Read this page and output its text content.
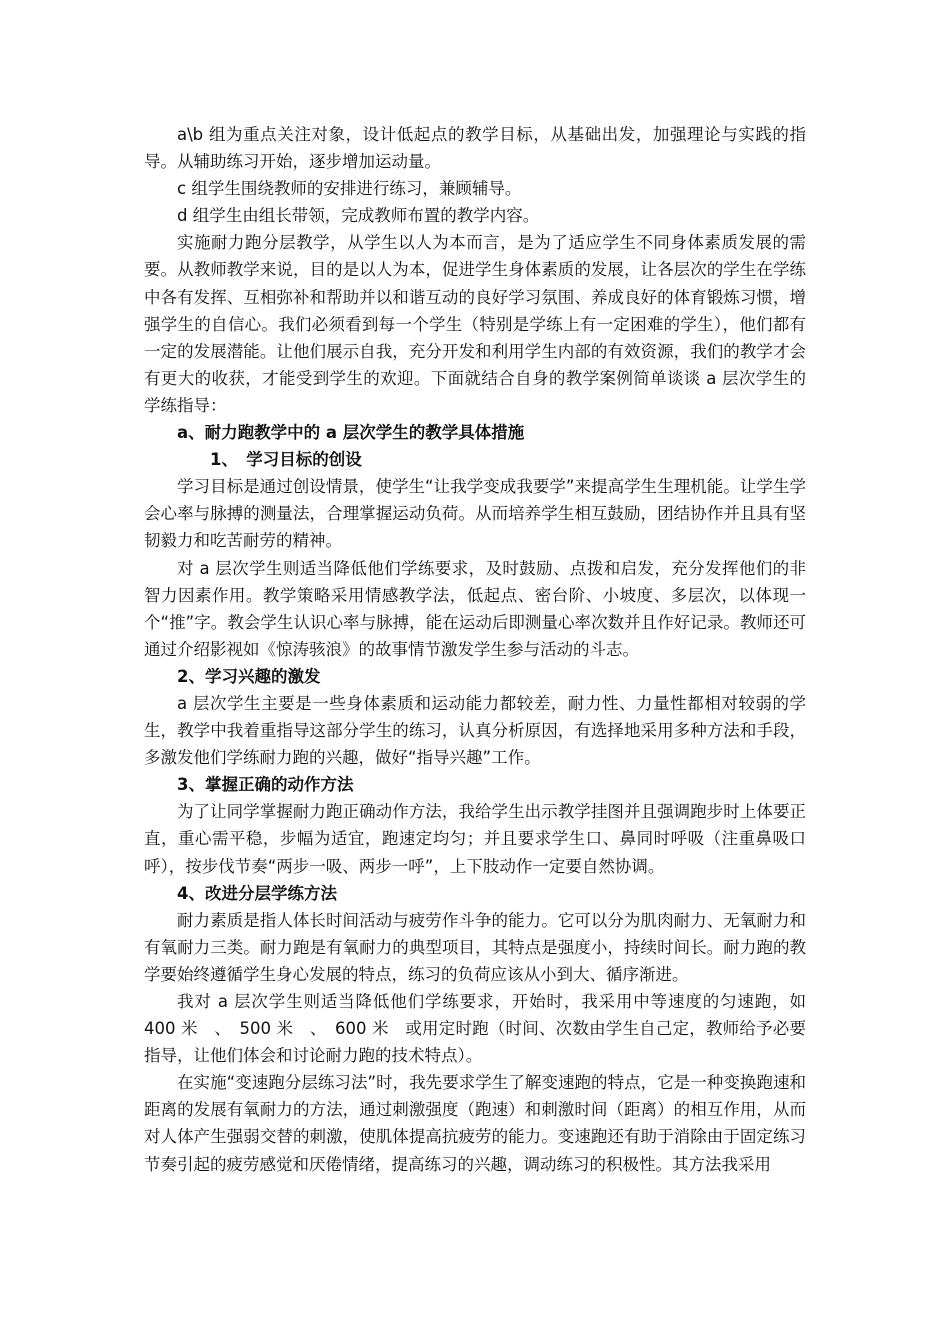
a\b 组为重点关注对象，设计低起点的教学目标，从基础出发，加强理论与实践的指导。从辅助练习开始，逐步增加运动量。

c 组学生围绕教师的安排进行练习，兼顾辅导。

d 组学生由组长带领，完成教师布置的教学内容。

实施耐力跑分层教学，从学生以人为本而言，是为了适应学生不同身体素质发展的需要。从教师教学来说，目的是以人为本，促进学生身体素质的发展，让各层次的学生在学练中各有发挥、互相弥补和帮助并以和谐互动的良好学习氛围、养成良好的体育锻炼习惯，增强学生的自信心。我们必须看到每一个学生（特别是学练上有一定困难的学生），他们都有一定的发展潜能。让他们展示自我，充分开发和利用学生内部的有效资源，我们的教学才会有更大的收获，才能受到学生的欢迎。下面就结合自身的教学案例简单谈谈 a 层次学生的学练指导：

a、耐力跑教学中的 a 层次学生的教学具体措施

1、　学习目标的创设

学习目标是通过创设情景，使学生“让我学变成我要学”来提高学生生理机能。让学生学会心率与脉搏的测量法，合理掌握运动负荷。从而培养学生相互鼓励，团结协作并且具有坚韧毅力和吃苦耐劳的精神。

对 a 层次学生则适当降低他们学练要求，及时鼓励、点拨和启发，充分发挥他们的非智力因素作用。教学策略采用情感教学法，低起点、密台阶、小坡度、多层次，以体现一个“推”字。教会学生认识心率与脉搏，能在运动后即测量心率次数并且作好记录。教师还可通过介绍影视如《惊涛骇浪》的故事情节激发学生参与活动的斗志。

2、学习兴趣的激发

a 层次学生主要是一些身体素质和运动能力都较差，耐力性、力量性都相对较弱的学生，教学中我着重指导这部分学生的练习，认真分析原因，有选择地采用多种方法和手段，多激发他们学练耐力跑的兴趣，做好“指导兴趣”工作。

3、掌握正确的动作方法

为了让同学掌握耐力跑正确动作方法，我给学生出示教学挂图并且强调跑步时上体要正直，重心需平稳，步幅为适宜，跑速定均匀；并且要求学生口、鼻同时呼吸（注重鼻吸口呼），按步伐节奏“两步一吸、两步一呼”，上下肢动作一定要自然协调。

4、改进分层学练方法

耐力素质是指人体长时间活动与疲劳作斗争的能力。它可以分为肌肉耐力、无氧耐力和有氧耐力三类。耐力跑是有氧耐力的典型项目，其特点是强度小，持续时间长。耐力跑的教学要始终遵循学生身心发展的特点，练习的负荷应该从小到大、循序渐进。

我对 a 层次学生则适当降低他们学练要求，开始时，我采用中等速度的匀速跑，如　400 米　、　500 米　、　600 米　或用定时跑（时间、次数由学生自己定，教师给予必要指导，让他们体会和讨论耐力跑的技术特点）。

在实施“变速跑分层练习法”时，我先要求学生了解变速跑的特点，它是一种变换跑速和距离的发展有氧耐力的方法，通过刺激强度（跑速）和刺激时间（距离）的相互作用，从而对人体产生强弱交替的刺激，使肌体提高抗疲劳的能力。变速跑还有助于消除由于固定练习节奏引起的疲劳感觉和厌倦情绪，提高练习的兴趣，调动练习的积极性。其方法我采用
